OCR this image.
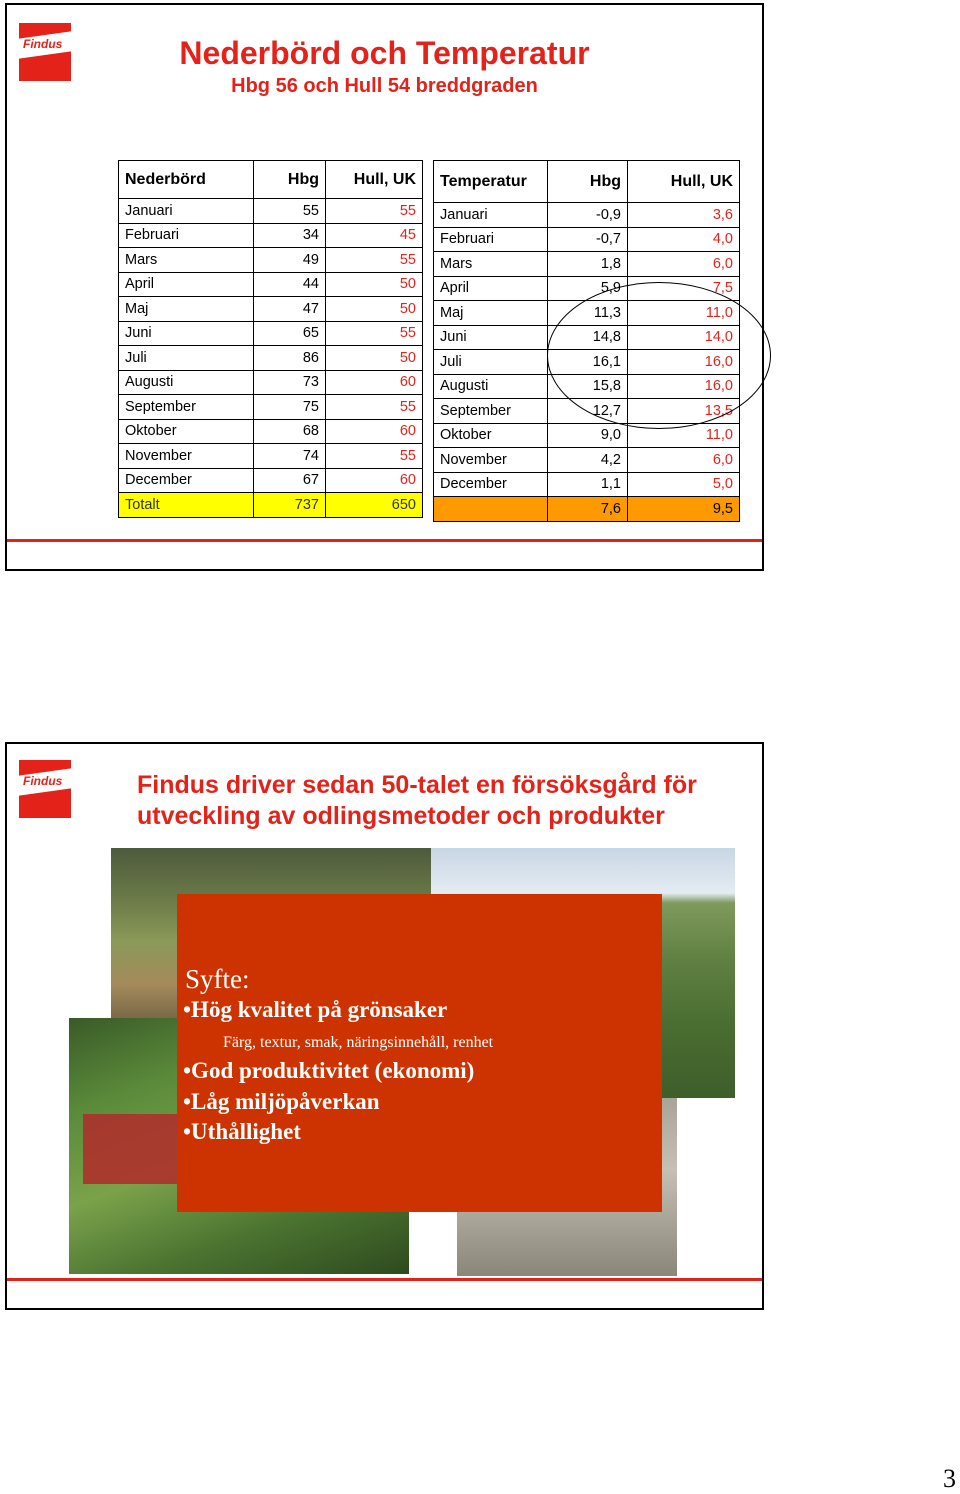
Findus	Nederbörd och Temperatur
Hbg 56 och Hull 54 breddgraden
Nederbörd	Hbg	Hull, UK
Januari	55	55
Februari	34	45
Mars	49	55
April	44	50
Maj	47	50
Juni	65	55
Juli	86	50
Augusti	73	60
September	75	55
Oktober	68	60
November	74	55
December	67	60
Totalt	737	650
Temperatur	Hbg	Hull, UK
Januari	-0,9	3,6
Februari	-0,7	4,0
Mars	1,8	6,0
April	5,9	7,5
Maj	11,3	11,0
Juni	14,8	14,0
Juli	16,1	16,0
Augusti	15,8	16,0
September	12,7	13,5
Oktober	9,0	11,0
November	4,2	6,0
December	1,1	5,0
	7,6	9,5
Findus	Findus driver sedan 50-talet en försöksgård för
utveckling av odlingsmetoder och produkter
Syfte:
•Hög kvalitet på grönsaker
Färg, textur, smak, näringsinnehåll, renhet
•God produktivitet (ekonomi)
•Låg miljöpåverkan
•Uthållighet
3
